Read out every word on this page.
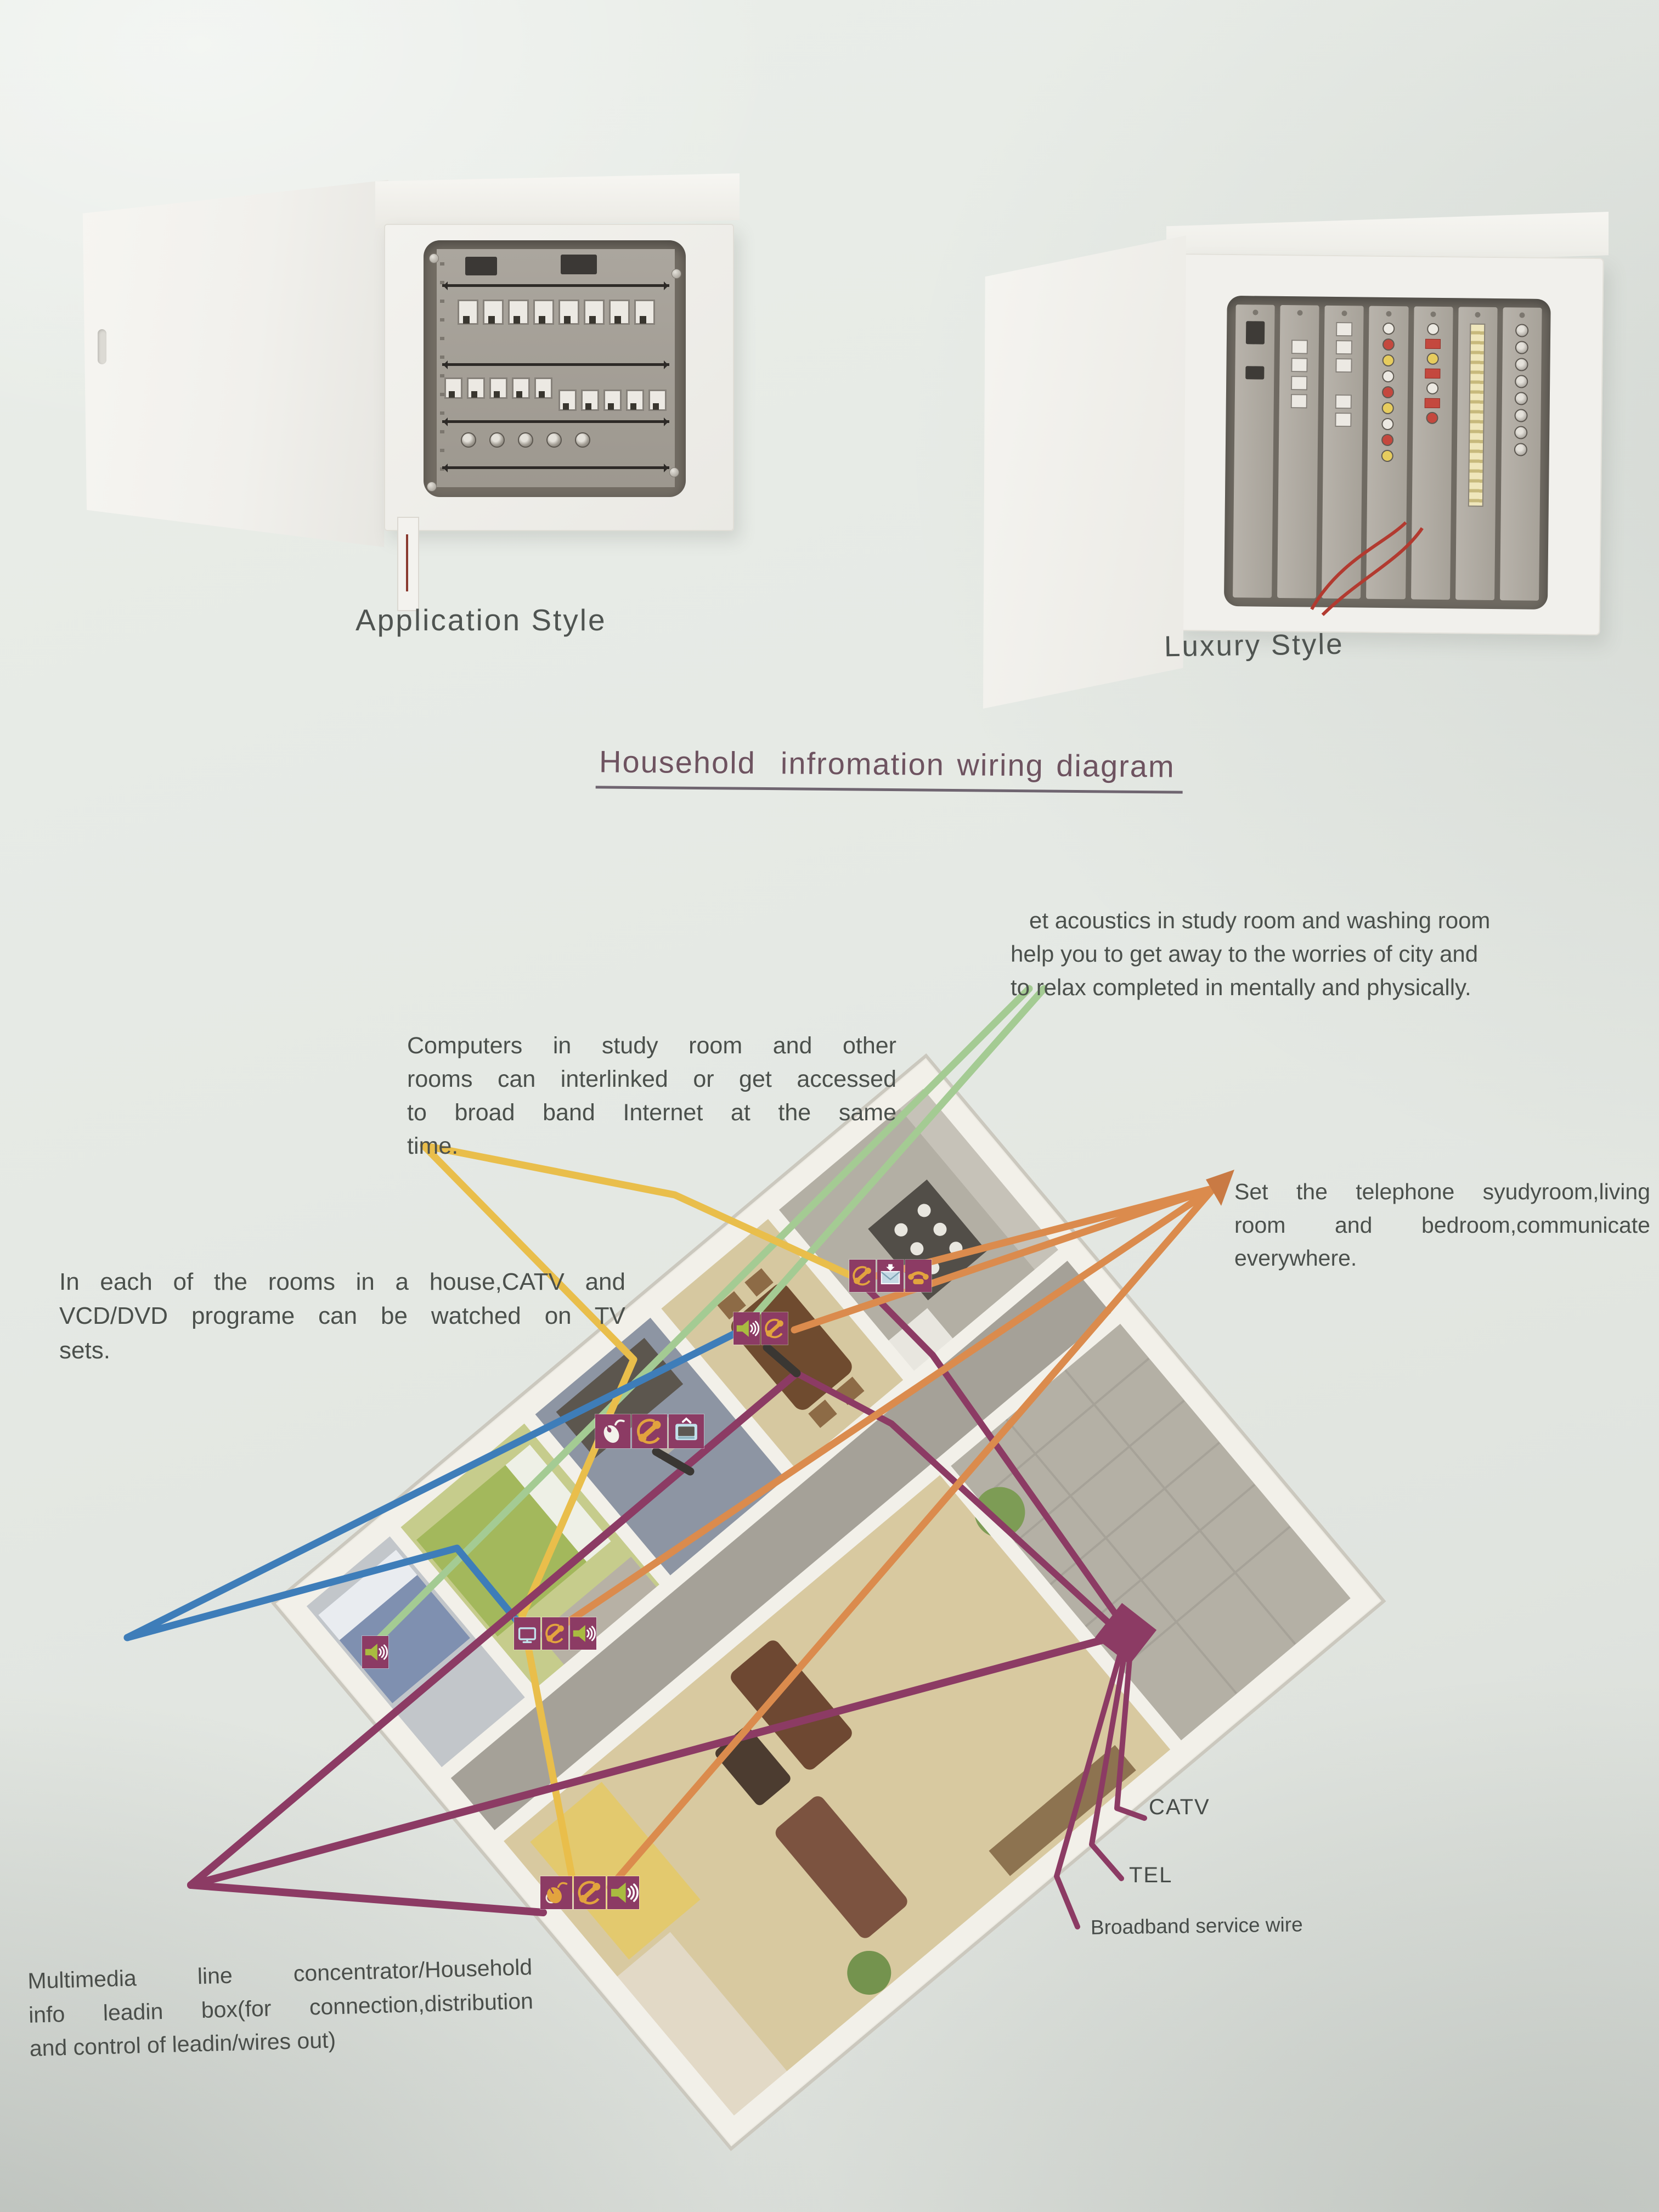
Application Style
Luxury Style
Household  infromation wiring diagram
et acoustics in study room and washing room
help you to get away to the worries of city and
to relax completed in mentally and physically.
Computers in study room and other
rooms can interlinked or get accessed
to broad band Internet at the same
time.
Set the telephone syudyroom,living
room and bedroom,communicate
everywhere.
In each of the rooms in a house,CATV and
VCD/DVD programe can be watched on TV
sets.
Multimedia line concentrator/Household
info leadin box(for connection,distribution
and control of leadin/wires out)
CATV
TEL
Broadband service wire
